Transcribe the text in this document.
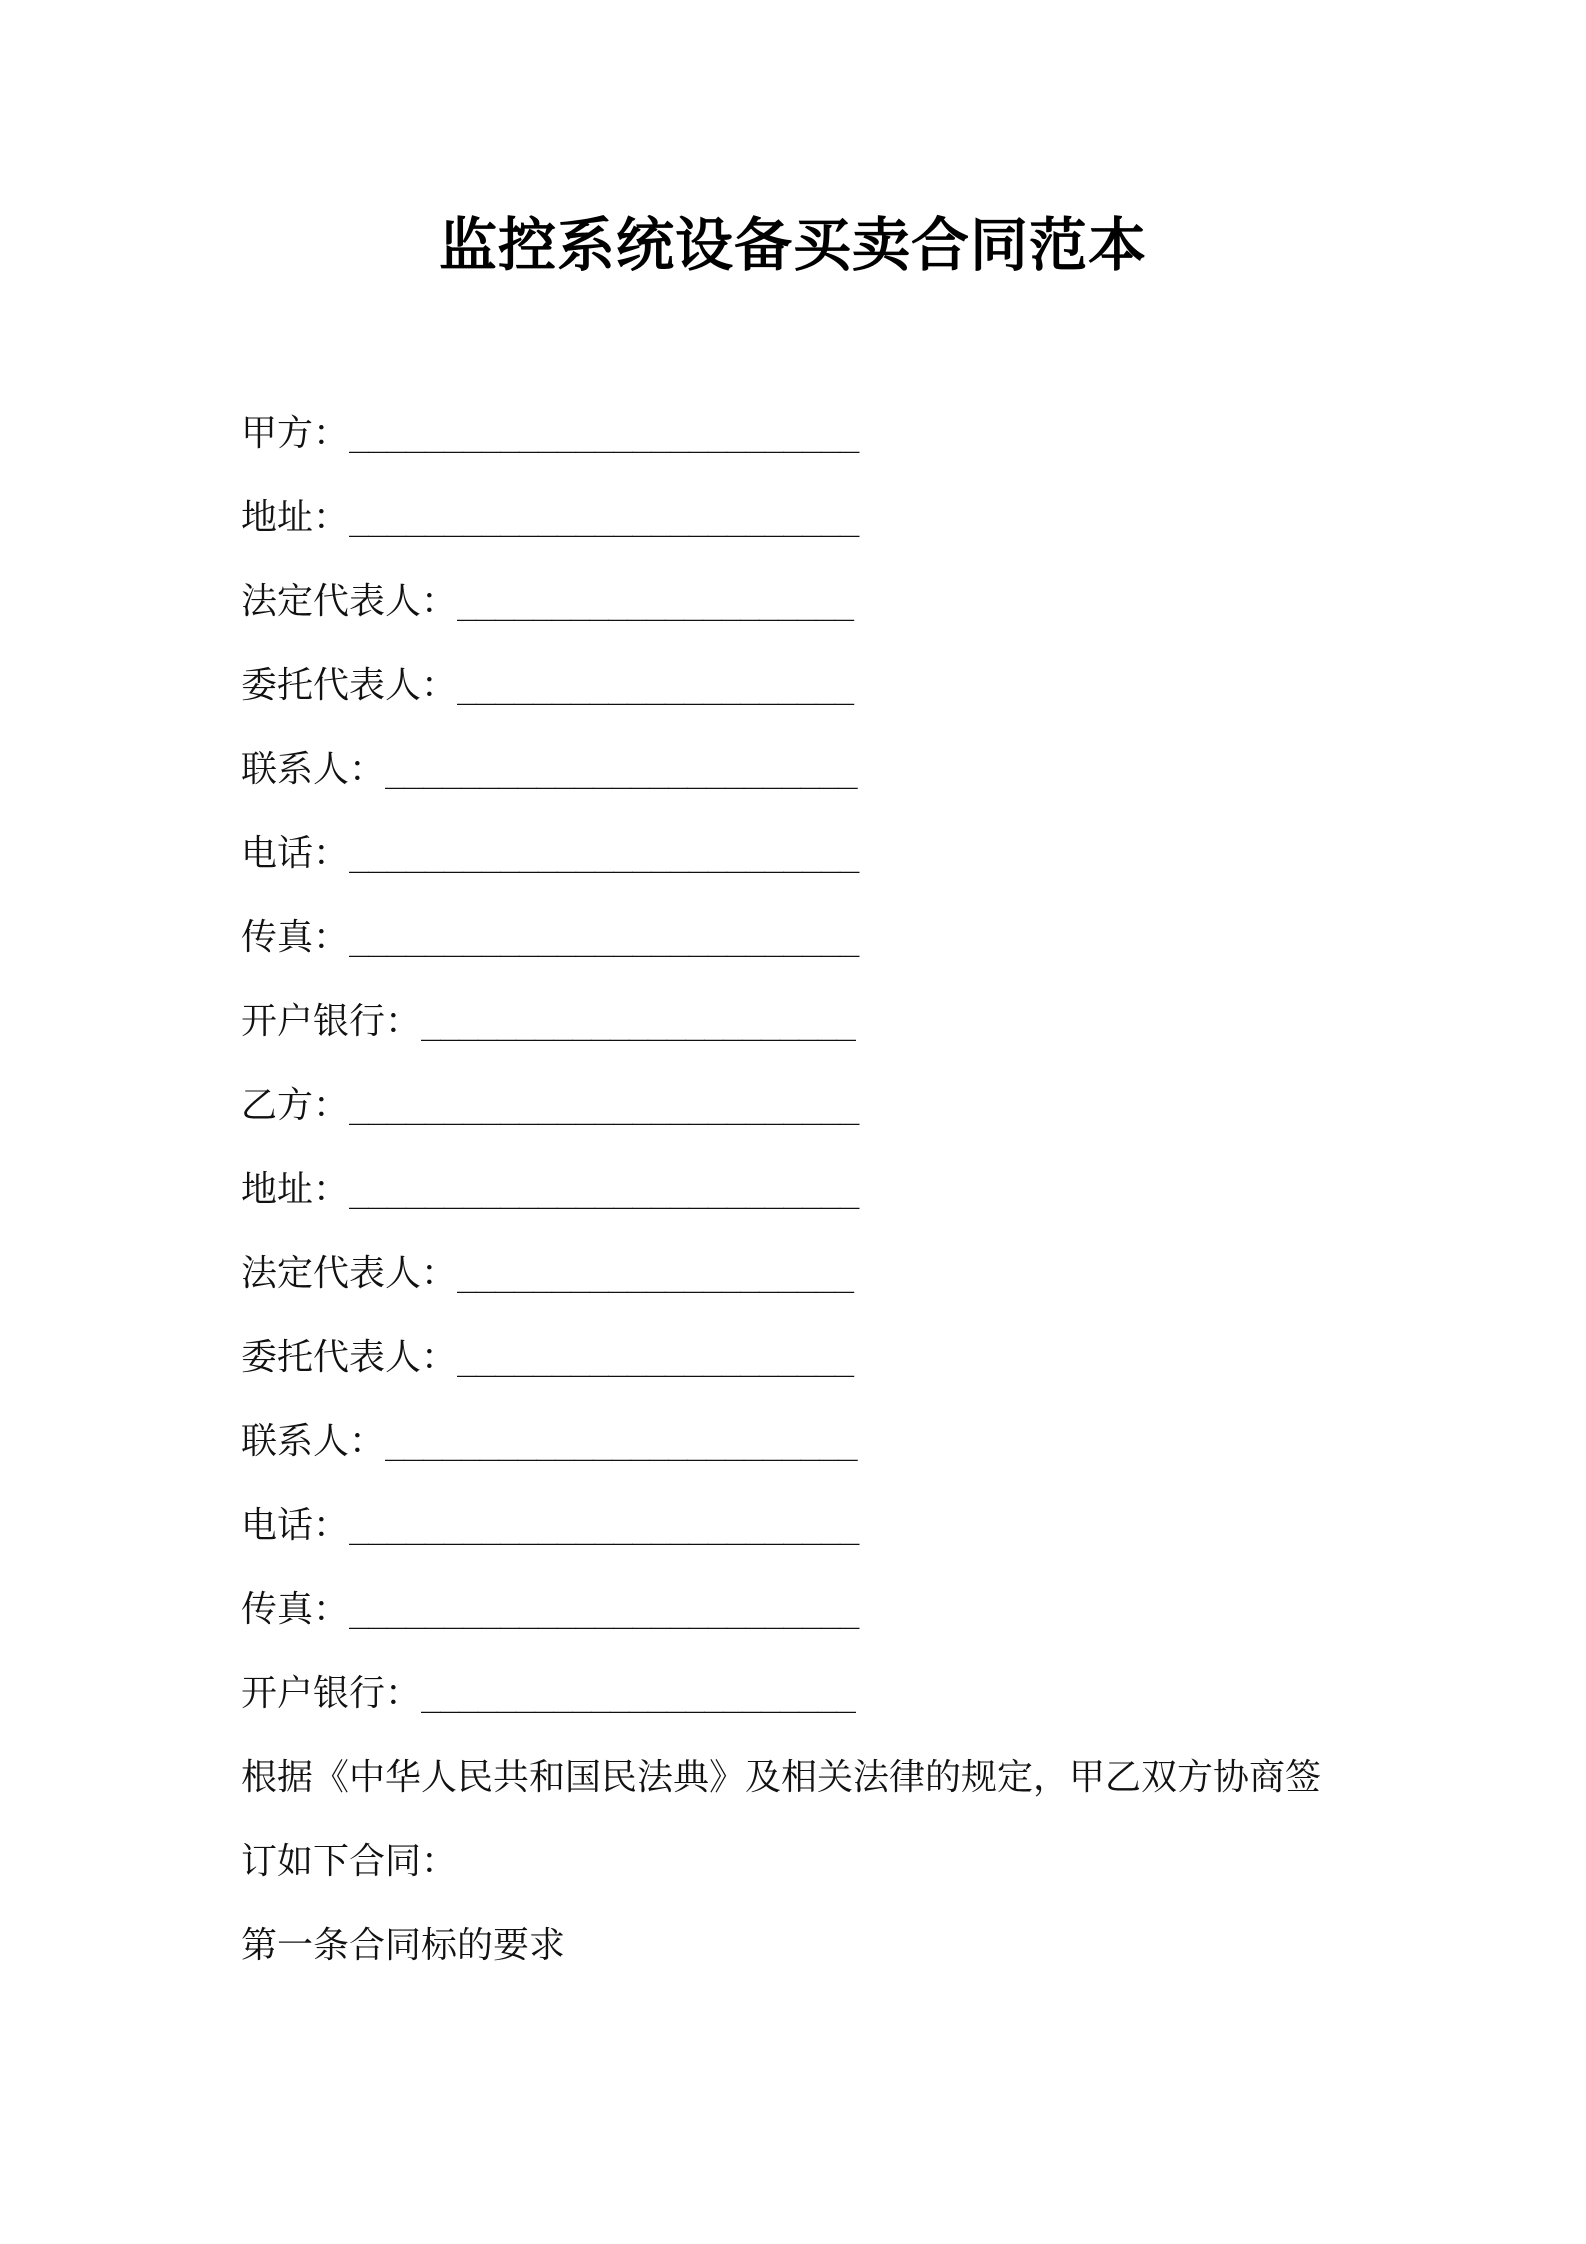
监控系统设备买卖合同范本
甲方：___________________________
地址：___________________________
法定代表人：_____________________
委托代表人：_____________________
联系人：_________________________
电话：___________________________
传真：___________________________
开户银行：_______________________
乙方：___________________________
地址：___________________________
法定代表人：_____________________
委托代表人：_____________________
联系人：_________________________
电话：___________________________
传真：___________________________
开户银行：_______________________
根据《中华人民共和国民法典》及相关法律的规定，甲乙双方协商签
订如下合同：
第一条合同标的要求
